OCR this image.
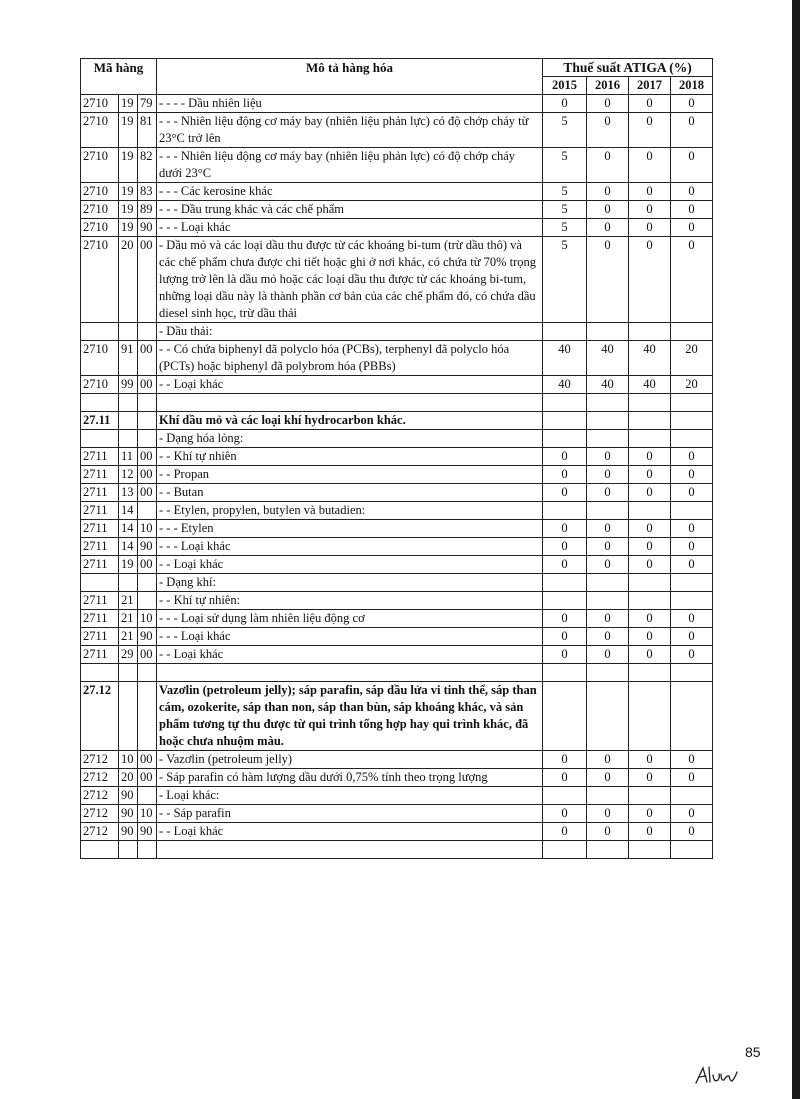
Mã hàng			Mô tả hàng hóa	Thuế suất ATIGA (%)			
				2015	2016	2017	2018
2710	19	79	- - - - Dầu nhiên liệu	0	0	0	0
2710	19	81	- - - Nhiên liệu động cơ máy bay (nhiên liệu phản lực) có độ chớp cháy từ 23°C trở lên	5	0	0	0
2710	19	82	- - - Nhiên liệu động cơ máy bay (nhiên liệu phản lực) có độ chớp cháy dưới 23°C	5	0	0	0
2710	19	83	- - - Các kerosine khác	5	0	0	0
2710	19	89	- - - Dầu trung khác và các chế phẩm	5	0	0	0
2710	19	90	- - - Loại khác	5	0	0	0
2710	20	00	- Dầu mỏ và các loại dầu thu được từ các khoáng bi-tum (trừ dầu thô) và các chế phẩm chưa được chi tiết hoặc ghi ở nơi khác, có chứa từ 70% trọng lượng trở lên là dầu mỏ hoặc các loại dầu thu được từ các khoáng bi-tum, những loại dầu này là thành phần cơ bản của các chế phẩm đó, có chứa dầu diesel sinh học, trừ dầu thải	5	0	0	0
			- Dầu thải:				
2710	91	00	- - Có chứa biphenyl đã polyclo hóa (PCBs), terphenyl đã polyclo hóa (PCTs) hoặc biphenyl đã polybrom hóa (PBBs)	40	40	40	20
2710	99	00	- - Loại khác	40	40	40	20

27.11			Khí dầu mỏ và các loại khí hydrocarbon khác.				
			- Dạng hóa lỏng:				
2711	11	00	- - Khí tự nhiên	0	0	0	0
2711	12	00	- - Propan	0	0	0	0
2711	13	00	- - Butan	0	0	0	0
2711	14		- - Etylen, propylen, butylen và butadien:				
2711	14	10	- - - Etylen	0	0	0	0
2711	14	90	- - - Loại khác	0	0	0	0
2711	19	00	- - Loại khác	0	0	0	0
			- Dạng khí:				
2711	21		- - Khí tự nhiên:				
2711	21	10	- - - Loại sử dụng làm nhiên liệu động cơ	0	0	0	0
2711	21	90	- - - Loại khác	0	0	0	0
2711	29	00	- - Loại khác	0	0	0	0

27.12			Vazơlin (petroleum jelly); sáp parafin, sáp dầu lửa vi tinh thể, sáp than cám, ozokerite, sáp than non, sáp than bùn, sáp khoáng khác, và sản phẩm tương tự thu được từ qui trình tổng hợp hay qui trình khác, đã hoặc chưa nhuộm màu.				
2712	10	00	- Vazơlin (petroleum jelly)	0	0	0	0
2712	20	00	- Sáp parafin có hàm lượng dầu dưới 0,75% tính theo trọng lượng	0	0	0	0
2712	90		- Loại khác:				
2712	90	10	- - Sáp parafin	0	0	0	0
2712	90	90	- - Loại khác	0	0	0	0

85
